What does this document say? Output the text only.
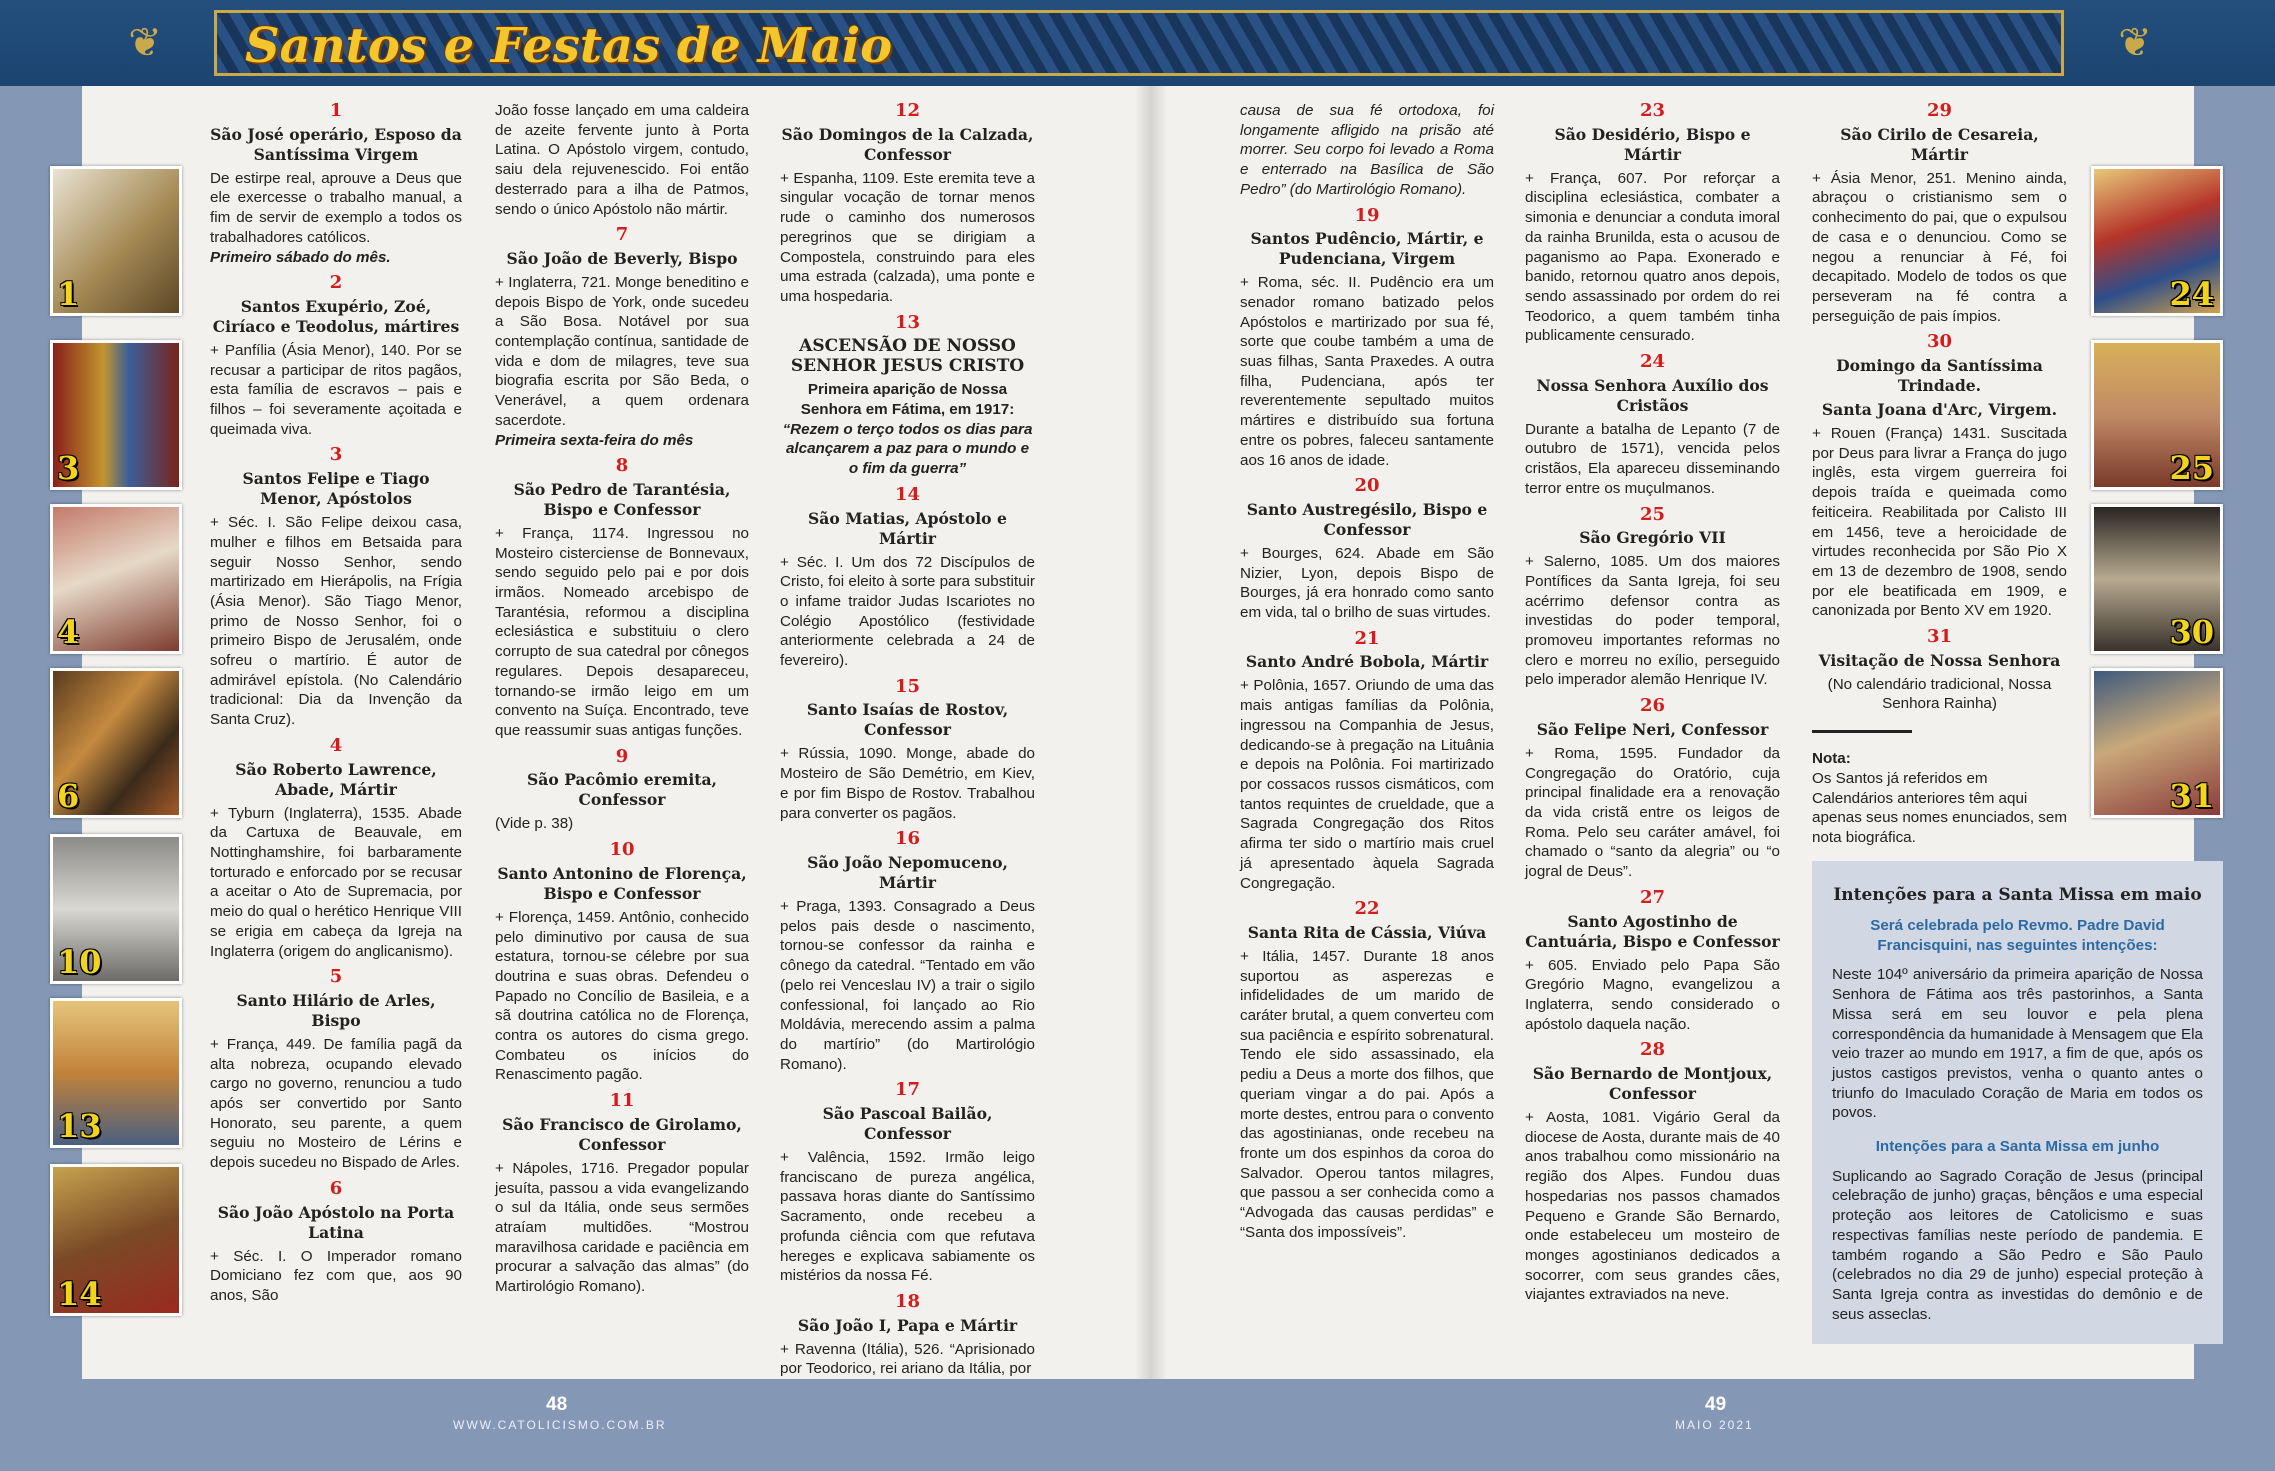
❦	❦
Santos e Festas de Maio
1
3
4
6
10
13
14
24
25
30
31
1
São José operário, Esposo da Santíssima Virgem
De estirpe real, aprouve a Deus que ele exercesse o trabalho manual, a fim de servir de exemplo a todos os trabalhadores católicos.
Primeiro sábado do mês.
2
Santos Exupério, Zoé, Ciríaco e Teodolus, mártires
+ Panfília (Ásia Menor), 140. Por se recusar a participar de ritos pagãos, esta família de escravos – pais e filhos – foi severamente açoitada e queimada viva.
3
Santos Felipe e Tiago Menor, Apóstolos
+ Séc. I. São Felipe deixou casa, mulher e filhos em Betsaida para seguir Nosso Senhor, sendo martirizado em Hierápolis, na Frígia (Ásia Menor). São Tiago Menor, primo de Nosso Senhor, foi o primeiro Bispo de Jerusalém, onde sofreu o martírio. É autor de admirável epístola. (No Calendário tradicional: Dia da Invenção da Santa Cruz).
4
São Roberto Lawrence, Abade, Mártir
+ Tyburn (Inglaterra), 1535. Abade da Cartuxa de Beauvale, em Nottinghamshire, foi barbaramente torturado e enforcado por se recusar a aceitar o Ato de Supremacia, por meio do qual o herético Henrique VIII se erigia em cabeça da Igreja na Inglaterra (origem do anglicanismo).
5
Santo Hilário de Arles, Bispo
+ França, 449. De família pagã da alta nobreza, ocupando elevado cargo no governo, renunciou a tudo após ser convertido por Santo Honorato, seu parente, a quem seguiu no Mosteiro de Lérins e depois sucedeu no Bispado de Arles.
6
São João Apóstolo na Porta Latina
+ Séc. I. O Imperador romano Domiciano fez com que, aos 90 anos, São
João fosse lançado em uma caldeira de azeite fervente junto à Porta Latina. O Apóstolo virgem, contudo, saiu dela rejuvenescido. Foi então desterrado para a ilha de Patmos, sendo o único Apóstolo não mártir.
7
São João de Beverly, Bispo
+ Inglaterra, 721. Monge beneditino e depois Bispo de York, onde sucedeu a São Bosa. Notável por sua contemplação contínua, santidade de vida e dom de milagres, teve sua biografia escrita por São Beda, o Venerável, a quem ordenara sacerdote.
Primeira sexta-feira do mês
8
São Pedro de Tarantésia, Bispo e Confessor
+ França, 1174. Ingressou no Mosteiro cisterciense de Bonnevaux, sendo seguido pelo pai e por dois irmãos. Nomeado arcebispo de Tarantésia, reformou a disciplina eclesiástica e substituiu o clero corrupto de sua catedral por cônegos regulares. Depois desapareceu, tornando-se irmão leigo em um convento na Suíça. Encontrado, teve que reassumir suas antigas funções.
9
São Pacômio eremita, Confessor
(Vide p. 38)
10
Santo Antonino de Florença, Bispo e Confessor
+ Florença, 1459. Antônio, conhecido pelo diminutivo por causa de sua estatura, tornou-se célebre por sua doutrina e suas obras. Defendeu o Papado no Concílio de Basileia, e a sã doutrina católica no de Florença, contra os autores do cisma grego. Combateu os inícios do Renascimento pagão.
11
São Francisco de Girolamo, Confessor
+ Nápoles, 1716. Pregador popular jesuíta, passou a vida evangelizando o sul da Itália, onde seus sermões atraíam multidões. “Mostrou maravilhosa caridade e paciência em procurar a salvação das almas” (do Martirológio Romano).
12
São Domingos de la Calzada, Confessor
+ Espanha, 1109. Este eremita teve a singular vocação de tornar menos rude o caminho dos numerosos peregrinos que se dirigiam a Compostela, construindo para eles uma estrada (calzada), uma ponte e uma hospedaria.
13
ASCENSÃO DE NOSSO SENHOR JESUS CRISTO
Primeira aparição de Nossa Senhora em Fátima, em 1917:
“Rezem o terço todos os dias para alcançarem a paz para o mundo e o fim da guerra”
14
São Matias, Apóstolo e Mártir
+ Séc. I. Um dos 72 Discípulos de Cristo, foi eleito à sorte para substituir o infame traidor Judas Iscariotes no Colégio Apostólico (festividade anteriormente celebrada a 24 de fevereiro).
15
Santo Isaías de Rostov, Confessor
+ Rússia, 1090. Monge, abade do Mosteiro de São Demétrio, em Kiev, e por fim Bispo de Rostov. Trabalhou para converter os pagãos.
16
São João Nepomuceno, Mártir
+ Praga, 1393. Consagrado a Deus pelos pais desde o nascimento, tornou-se confessor da rainha e cônego da catedral. “Tentado em vão (pelo rei Venceslau IV) a trair o sigilo confessional, foi lançado ao Rio Moldávia, merecendo assim a palma do martírio” (do Martirológio Romano).
17
São Pascoal Bailão, Confessor
+ Valência, 1592. Irmão leigo franciscano de pureza angélica, passava horas diante do Santíssimo Sacramento, onde recebeu a profunda ciência com que refutava hereges e explicava sabiamente os mistérios da nossa Fé.
18
São João I, Papa e Mártir
+ Ravenna (Itália), 526. “Aprisionado por Teodorico, rei ariano da Itália, por
causa de sua fé ortodoxa, foi longamente afligido na prisão até morrer. Seu corpo foi levado a Roma e enterrado na Basílica de São Pedro” (do Martirológio Romano).
19
Santos Pudêncio, Mártir, e Pudenciana, Virgem
+ Roma, séc. II. Pudêncio era um senador romano batizado pelos Apóstolos e martirizado por sua fé, sorte que coube também a uma de suas filhas, Santa Praxedes. A outra filha, Pudenciana, após ter reverentemente sepultado muitos mártires e distribuído sua fortuna entre os pobres, faleceu santamente aos 16 anos de idade.
20
Santo Austregésilo, Bispo e Confessor
+ Bourges, 624. Abade em São Nizier, Lyon, depois Bispo de Bourges, já era honrado como santo em vida, tal o brilho de suas virtudes.
21
Santo André Bobola, Mártir
+ Polônia, 1657. Oriundo de uma das mais antigas famílias da Polônia, ingressou na Companhia de Jesus, dedicando-se à pregação na Lituânia e depois na Polônia. Foi martirizado por cossacos russos cismáticos, com tantos requintes de crueldade, que a Sagrada Congregação dos Ritos afirma ter sido o martírio mais cruel já apresentado àquela Sagrada Congregação.
22
Santa Rita de Cássia, Viúva
+ Itália, 1457. Durante 18 anos suportou as asperezas e infidelidades de um marido de caráter brutal, a quem converteu com sua paciência e espírito sobrenatural. Tendo ele sido assassinado, ela pediu a Deus a morte dos filhos, que queriam vingar a do pai. Após a morte destes, entrou para o convento das agostinianas, onde recebeu na fronte um dos espinhos da coroa do Salvador. Operou tantos milagres, que passou a ser conhecida como a “Advogada das causas perdidas” e “Santa dos impossíveis”.
23
São Desidério, Bispo e Mártir
+ França, 607. Por reforçar a disciplina eclesiástica, combater a simonia e denunciar a conduta imoral da rainha Brunilda, esta o acusou de paganismo ao Papa. Exonerado e banido, retornou quatro anos depois, sendo assassinado por ordem do rei Teodorico, a quem também tinha publicamente censurado.
24
Nossa Senhora Auxílio dos Cristãos
Durante a batalha de Lepanto (7 de outubro de 1571), vencida pelos cristãos, Ela apareceu disseminando terror entre os muçulmanos.
25
São Gregório VII
+ Salerno, 1085. Um dos maiores Pontífices da Santa Igreja, foi seu acérrimo defensor contra as investidas do poder temporal, promoveu importantes reformas no clero e morreu no exílio, perseguido pelo imperador alemão Henrique IV.
26
São Felipe Neri, Confessor
+ Roma, 1595. Fundador da Congregação do Oratório, cuja principal finalidade era a renovação da vida cristã entre os leigos de Roma. Pelo seu caráter amável, foi chamado o “santo da alegria” ou “o jogral de Deus”.
27
Santo Agostinho de Cantuária, Bispo e Confessor
+ 605. Enviado pelo Papa São Gregório Magno, evangelizou a Inglaterra, sendo considerado o apóstolo daquela nação.
28
São Bernardo de Montjoux, Confessor
+ Aosta, 1081. Vigário Geral da diocese de Aosta, durante mais de 40 anos trabalhou como missionário na região dos Alpes. Fundou duas hospedarias nos passos chamados Pequeno e Grande São Bernardo, onde estabeleceu um mosteiro de monges agostinianos dedicados a socorrer, com seus grandes cães, viajantes extraviados na neve.
29
São Cirilo de Cesareia, Mártir
+ Ásia Menor, 251. Menino ainda, abraçou o cristianismo sem o conhecimento do pai, que o expulsou de casa e o denunciou. Como se negou a renunciar à Fé, foi decapitado. Modelo de todos os que perseveram na fé contra a perseguição de pais ímpios.
30
Domingo da Santíssima Trindade.
Santa Joana d'Arc, Virgem.
+ Rouen (França) 1431. Suscitada por Deus para livrar a França do jugo inglês, esta virgem guerreira foi depois traída e queimada como feiticeira. Reabilitada por Calisto III em 1456, teve a heroicidade de virtudes reconhecida por São Pio X em 13 de dezembro de 1908, sendo por ele beatificada em 1909, e canonizada por Bento XV em 1920.
31
Visitação de Nossa Senhora
(No calendário tradicional, Nossa Senhora Rainha)
Nota:
Os Santos já referidos em Calendários anteriores têm aqui apenas seus nomes enunciados, sem nota biográfica.
Intenções para a Santa Missa em maio
Será celebrada pelo Revmo. Padre David Francisquini, nas seguintes intenções:
Neste 104º aniversário da primeira aparição de Nossa Senhora de Fátima aos três pastorinhos, a Santa Missa será em seu louvor e pela plena correspondência da humanidade à Mensagem que Ela veio trazer ao mundo em 1917, a fim de que, após os justos castigos previstos, venha o quanto antes o triunfo do Imaculado Coração de Maria em todos os povos.
Intenções para a Santa Missa em junho
Suplicando ao Sagrado Coração de Jesus (principal celebração de junho) graças, bênçãos e uma especial proteção aos leitores de Catolicismo e suas respectivas famílias neste período de pandemia. E também rogando a São Pedro e São Paulo (celebrados no dia 29 de junho) especial proteção à Santa Igreja contra as investidas do demônio e de seus asseclas.
48
WWW.CATOLICISMO.COM.BR
49
MAIO 2021
